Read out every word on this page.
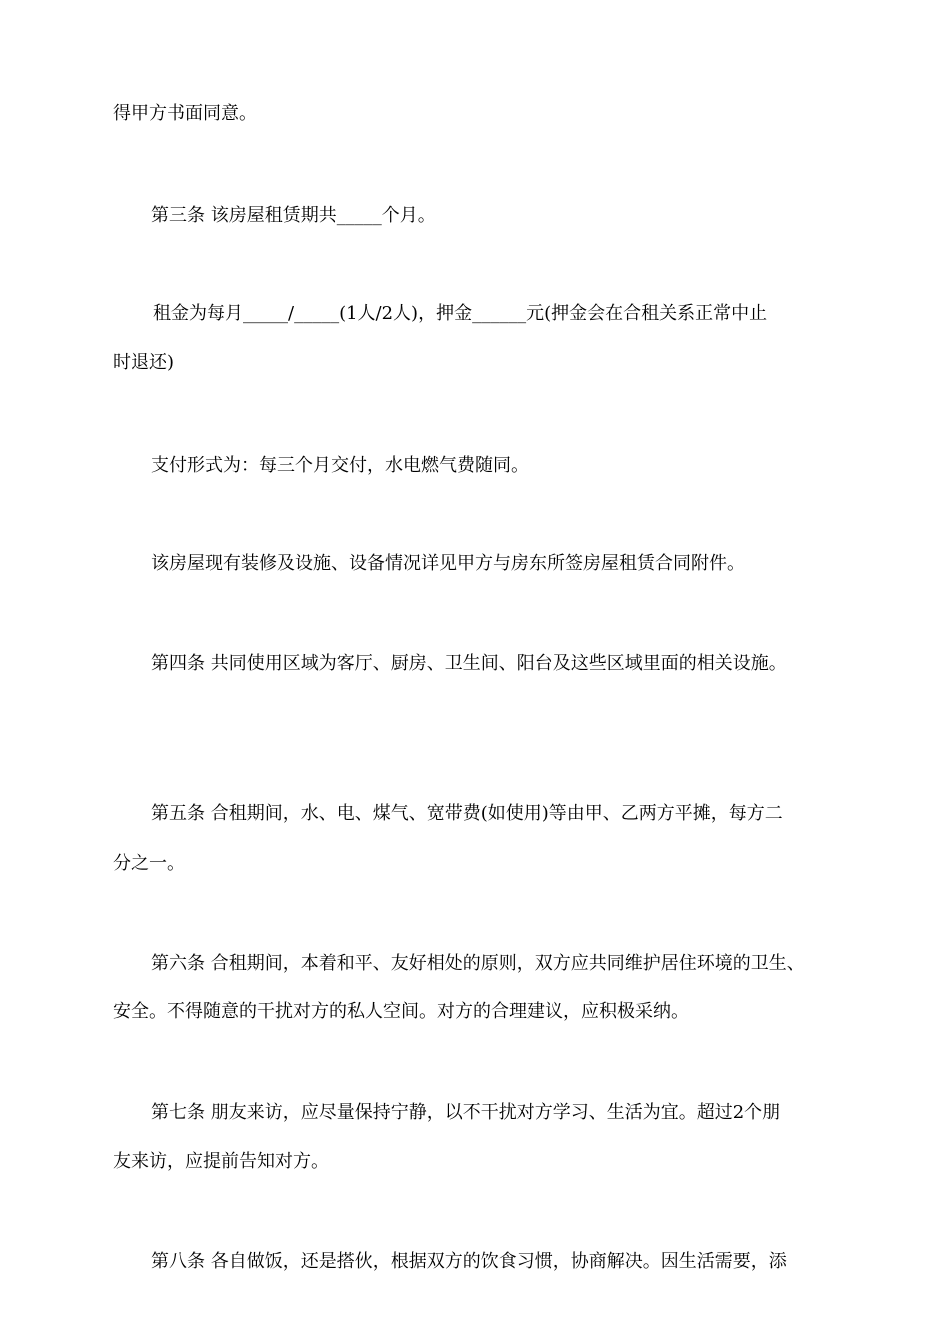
得甲方书面同意。
第三条 该房屋租赁期共_____个月。
租金为每月_____/_____(1人/2人)，押金______元(押金会在合租关系正常中止
时退还)
支付形式为：每三个月交付，水电燃气费随同。
该房屋现有装修及设施、设备情况详见甲方与房东所签房屋租赁合同附件。
第四条 共同使用区域为客厅、厨房、卫生间、阳台及这些区域里面的相关设施。
第五条 合租期间，水、电、煤气、宽带费(如使用)等由甲、乙两方平摊，每方二
分之一。
第六条 合租期间，本着和平、友好相处的原则，双方应共同维护居住环境的卫生、
安全。不得随意的干扰对方的私人空间。对方的合理建议，应积极采纳。
第七条 朋友来访，应尽量保持宁静，以不干扰对方学习、生活为宜。超过2个朋
友来访，应提前告知对方。
第八条 各自做饭，还是搭伙，根据双方的饮食习惯，协商解决。因生活需要，添
